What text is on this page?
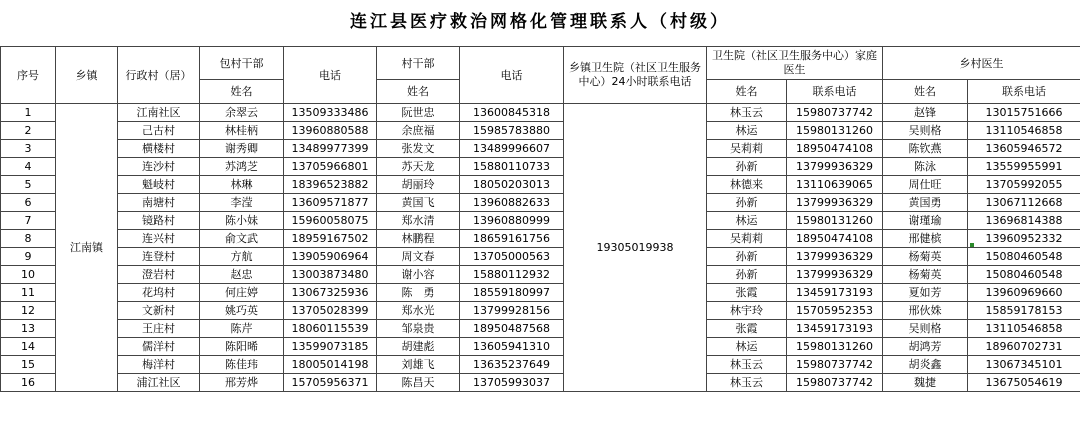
连江县医疗救治网格化管理联系人（村级）
序号	乡镇	行政村（居）	包村干部	电话	村干部	电话	乡镇卫生院（社区卫生服务中心）24小时联系电话	卫生院（社区卫生服务中心）家庭医生		乡村医生	
			姓名		姓名			姓名	联系电话	姓名	联系电话
1	江南镇	江南社区	余翠云	13509333486	阮世忠	13600845318	19305019938	林玉云	15980737742	赵锋	13015751666
2		己古村	林桂柄	13960880588	余庶福	15985783880		林运	15980131260	吴则格	13110546858
3		横楼村	谢秀卿	13489977399	张发文	13489996607		吴莉莉	18950474108	陈钦燕	13605946572
4		连沙村	苏鸿芝	13705966801	苏天龙	15880110733		孙新	13799936329	陈泳	13559955991
5		魁岐村	林琳	18396523882	胡丽玲	18050203013		林德来	13110639065	周仕旺	13705992055
6		南塘村	李滢	13609571877	黄国飞	13960882633		孙新	13799936329	黄国勇	13067112668
7		镜路村	陈小妹	15960058075	郑水清	13960880999		林运	15980131260	谢瑾瑜	13696814388
8		连兴村	俞文武	18959167502	林鹏程	18659161756		吴莉莉	18950474108	邢健槟	13960952332
9		连登村	方航	13905906964	周文春	13705000563		孙新	13799936329	杨菊英	15080460548
10		澄岩村	赵忠	13003873480	谢小容	15880112932		孙新	13799936329	杨菊英	15080460548
11		花坞村	何庄婷	13067325936	陈　勇	18559180997		张霞	13459173193	夏如芳	13960969660
12		文新村	姚巧英	13705028399	郑水光	13799928156		林宇玲	15705952353	邢伙姝	15859178153
13		王庄村	陈芹	18060115539	邹泉贵	18950487568		张霞	13459173193	吴则格	13110546858
14		儒洋村	陈阳晞	13599073185	胡建彪	13605941310		林运	15980131260	胡鸿芳	18960702731
15		梅洋村	陈佳玮	18005014198	刘雄飞	13635237649		林玉云	15980737742	胡炎鑫	13067345101
16		浦江社区	邢芳烨	15705956371	陈昌天	13705993037		林玉云	15980737742	魏捷	13675054619
